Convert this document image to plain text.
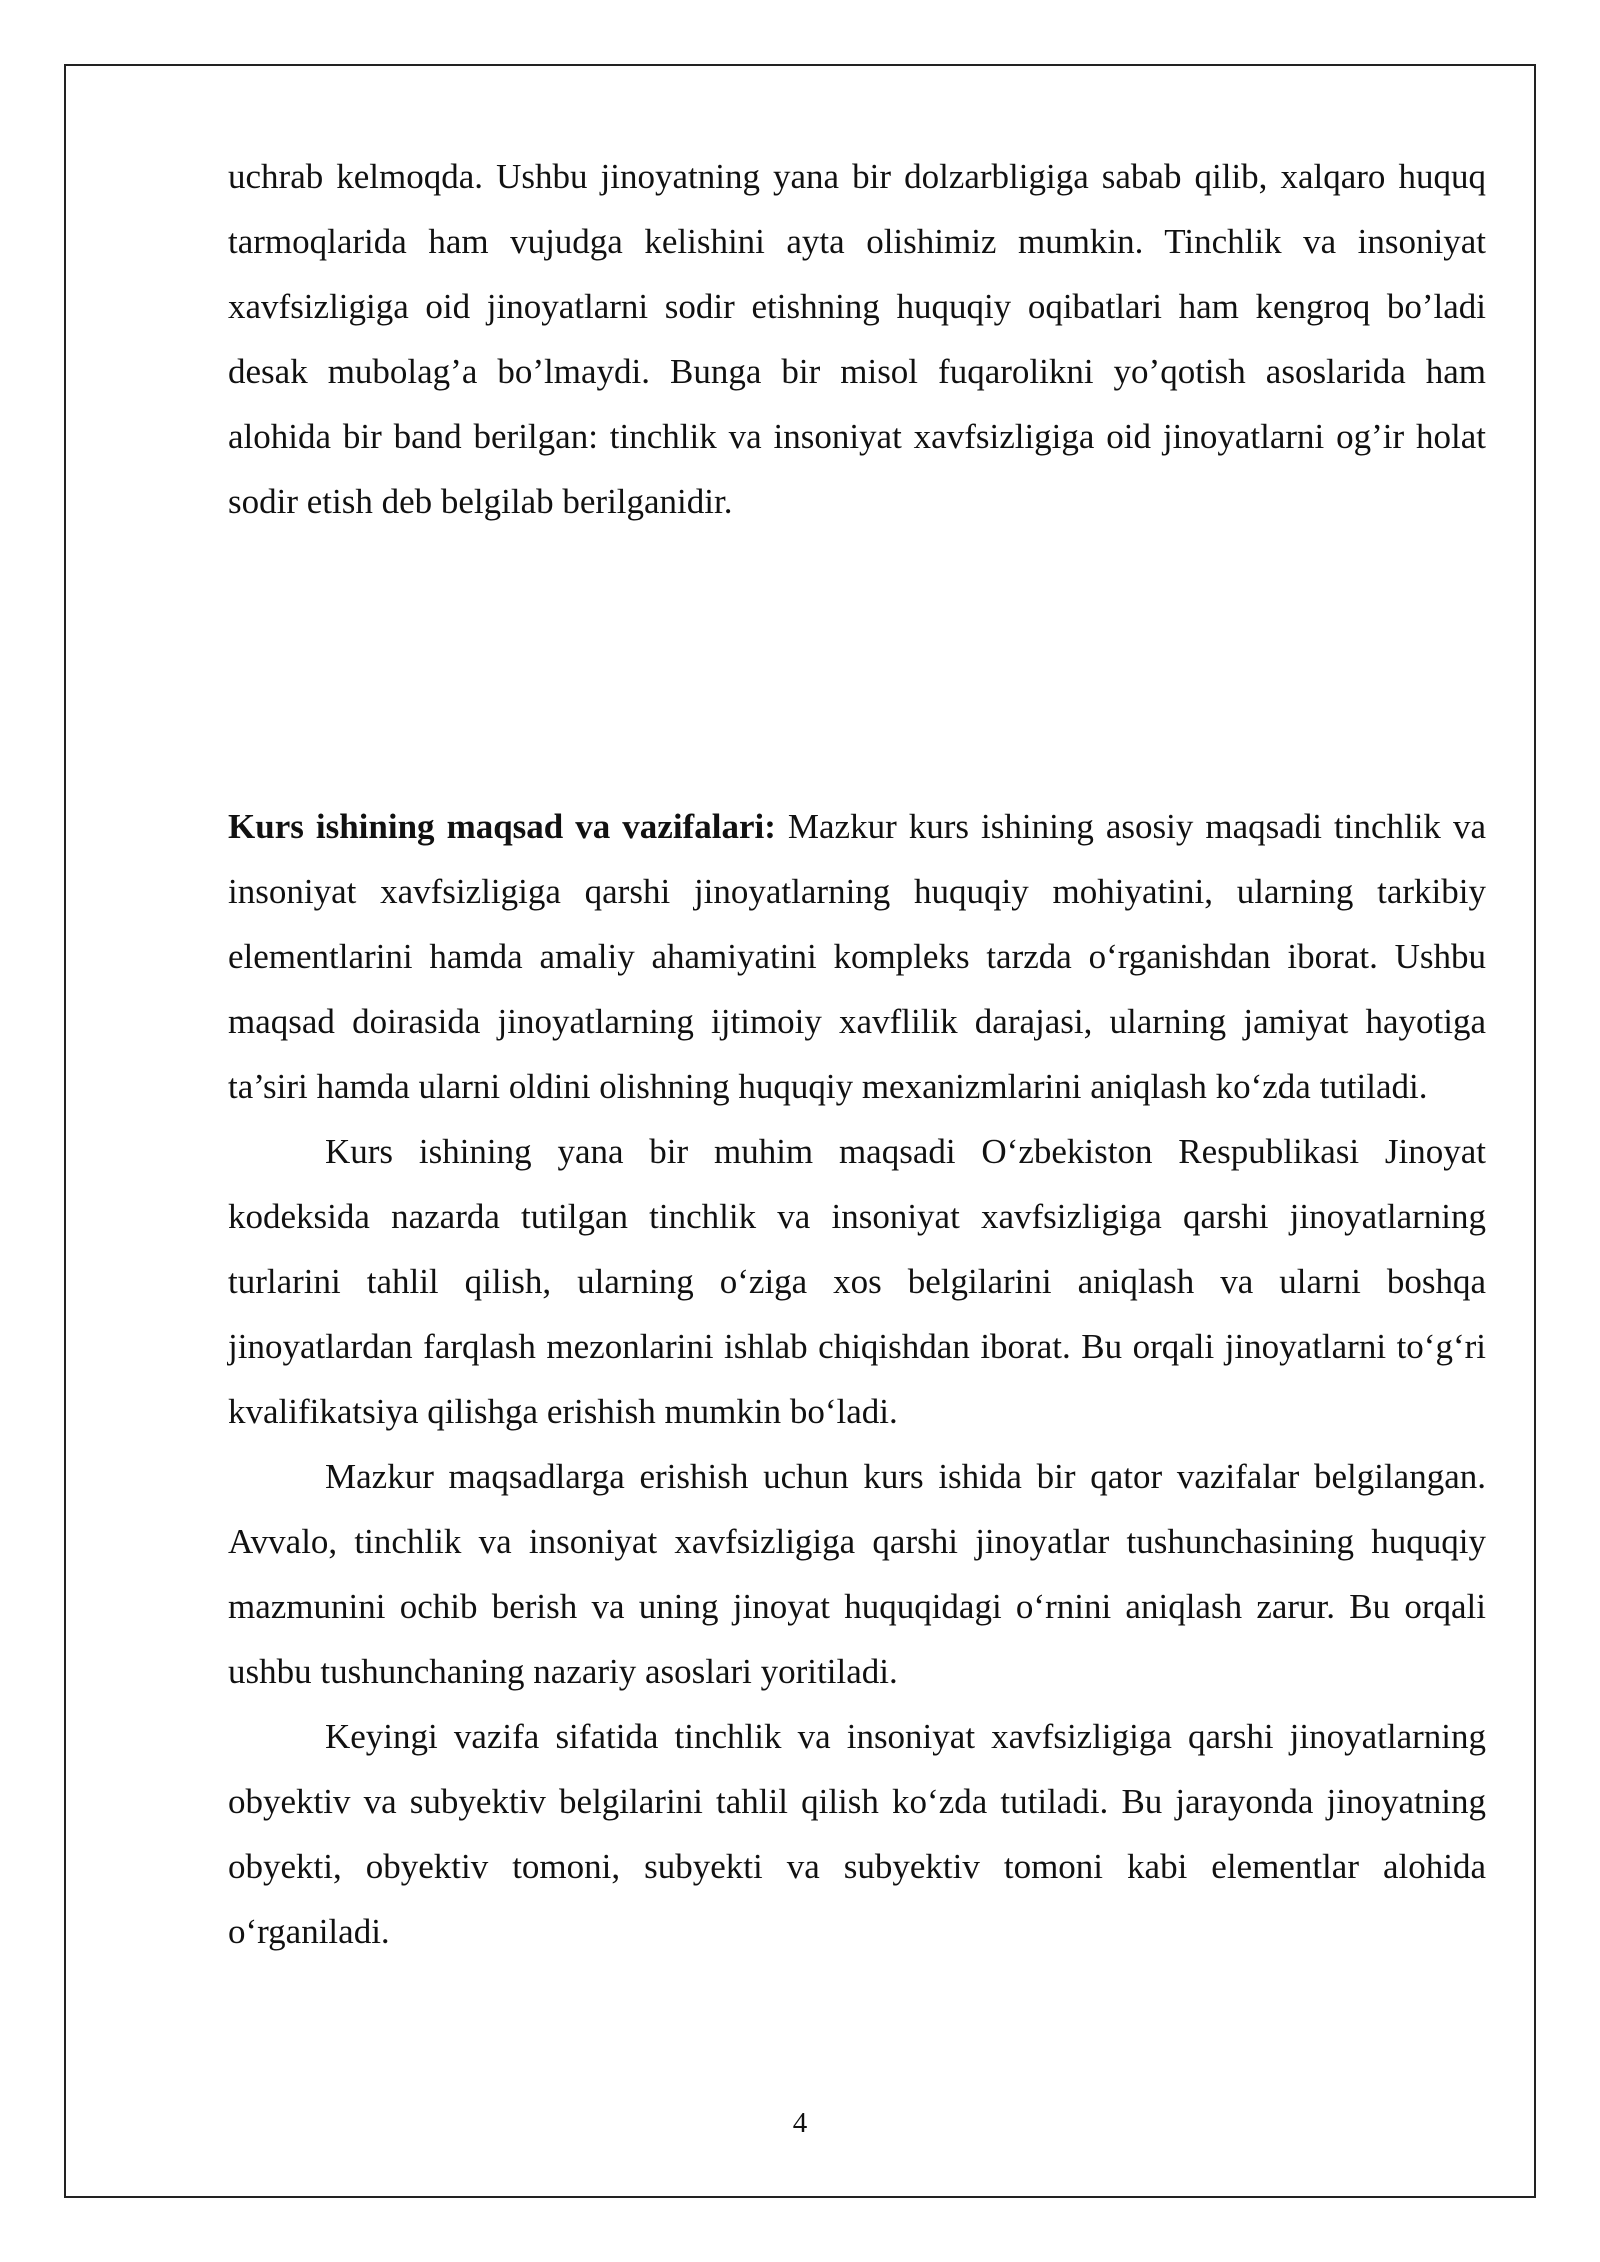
uchrab kelmoqda. Ushbu jinoyatning yana bir dolzarbligiga sabab qilib, xalqaro huquq tarmoqlarida ham vujudga kelishini ayta olishimiz mumkin. Tinchlik va insoniyat xavfsizligiga oid jinoyatlarni sodir etishning huquqiy oqibatlari ham kengroq bo’ladi desak mubolag’a bo’lmaydi. Bunga bir misol fuqarolikni yo’qotish asoslarida ham alohida bir band berilgan: tinchlik va insoniyat xavfsizligiga oid jinoyatlarni og’ir holat sodir etish deb belgilab berilganidir.

Kurs ishining maqsad va vazifalari: Mazkur kurs ishining asosiy maqsadi tinchlik va insoniyat xavfsizligiga qarshi jinoyatlarning huquqiy mohiyatini, ularning tarkibiy elementlarini hamda amaliy ahamiyatini kompleks tarzda o‘rganishdan iborat. Ushbu maqsad doirasida jinoyatlarning ijtimoiy xavflilik darajasi, ularning jamiyat hayotiga ta’siri hamda ularni oldini olishning huquqiy mexanizmlarini aniqlash ko‘zda tutiladi.

Kurs ishining yana bir muhim maqsadi O‘zbekiston Respublikasi Jinoyat kodeksida nazarda tutilgan tinchlik va insoniyat xavfsizligiga qarshi jinoyatlarning turlarini tahlil qilish, ularning o‘ziga xos belgilarini aniqlash va ularni boshqa jinoyatlardan farqlash mezonlarini ishlab chiqishdan iborat. Bu orqali jinoyatlarni to‘g‘ri kvalifikatsiya qilishga erishish mumkin bo‘ladi.

Mazkur maqsadlarga erishish uchun kurs ishida bir qator vazifalar belgilangan. Avvalo, tinchlik va insoniyat xavfsizligiga qarshi jinoyatlar tushunchasining huquqiy mazmunini ochib berish va uning jinoyat huquqidagi o‘rnini aniqlash zarur. Bu orqali ushbu tushunchaning nazariy asoslari yoritiladi.

Keyingi vazifa sifatida tinchlik va insoniyat xavfsizligiga qarshi jinoyatlarning obyektiv va subyektiv belgilarini tahlil qilish ko‘zda tutiladi. Bu jarayonda jinoyatning obyekti, obyektiv tomoni, subyekti va subyektiv tomoni kabi elementlar alohida o‘rganiladi.

4
